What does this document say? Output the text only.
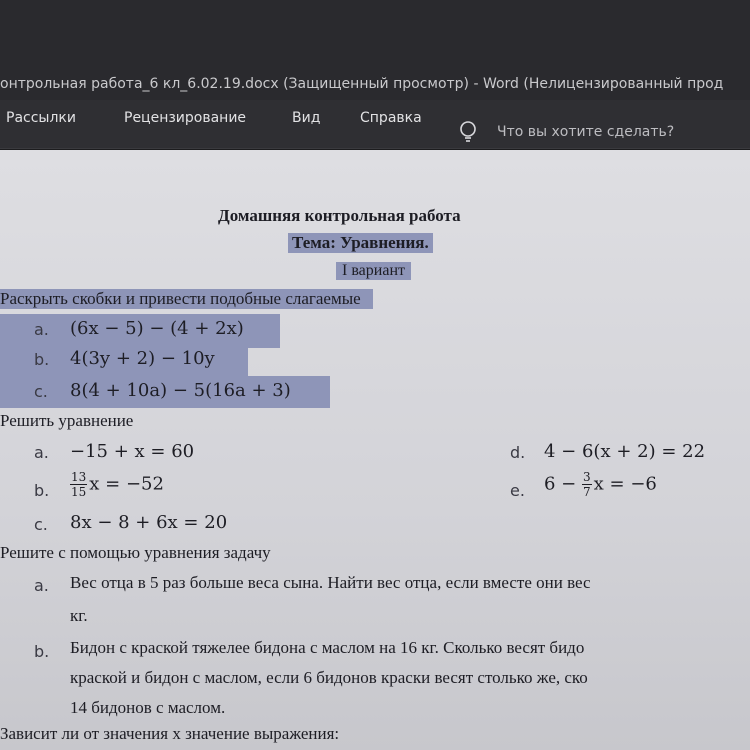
онтрольная работа_6 кл_6.02.19.docx (Защищенный просмотр) - Word (Нелицензированный прод
Рассылки	Рецензирование	Вид	Справка
Что вы хотите сделать?
Домашняя контрольная работа
Тема: Уравнения.
I вариант
Раскрыть скобки и привести подобные слагаемые
a. (6x − 5) − (4 + 2x)
b. 4(3y + 2) − 10y
c. 8(4 + 10a) − 5(16a + 3)
Решить уравнение
a. −15 + x = 60
b. $\frac{13}{15}$ x = −52
c. 8x − 8 + 6x = 20
d. 4 − 6(x + 2) = 22
e. $6 - \frac{3}{7}$ x = −6
Решите с помощью уравнения задачу
a. Вес отца в 5 раз больше веса сына. Найти вес отца, если вместе они вес
кг.
b. Бидон с краской тяжелее бидона с маслом на 16 кг. Сколько весят бидо
краской и бидон с маслом, если 6 бидонов краски весят столько же, ско
14 бидонов с маслом.
Зависит ли от значения x значение выражения:
